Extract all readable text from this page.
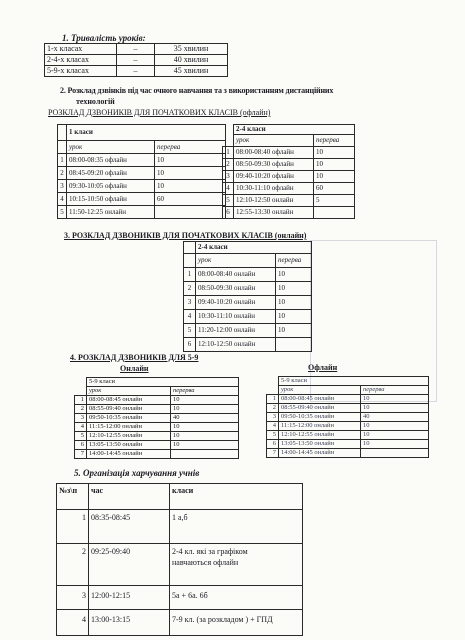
1. Тривалість уроків:
1-х класах	–	35 хвилин
2-4-х класах	–	40 хвилин
5-9-х класах	–	45 хвилин
2. Розклад дзвінків під час очного навчання та з використанням дистанційних
технологій
РОЗКЛАД ДЗВОНИКІВ ДЛЯ ПОЧАТКОВИХ КЛАСІВ (офлайн)
	1 класи	
	урок	перерва
1	08:00-08:35 офлайн	10
2	08:45-09:20 офлайн	10
3	09:30-10:05 офлайн	10
4	10:15-10:50 офлайн	60
5	11:50-12:25 онлайн	
	2-4 класи	
	урок	перерва
1	08:00-08:40 офлайн	10
2	08:50-09:30 офлайн	10
3	09:40-10:20 офлайн	10
4	10:30-11:10 офлайн	60
5	12:10-12:50 онлайн	5
6	12:55-13:30 онлайн	
3. РОЗКЛАД ДЗВОНИКІВ ДЛЯ ПОЧАТКОВИХ КЛАСІВ (онлайн)
	2-4 класи	
	урок	перерва
1	08:00-08:40 онлайн	10
2	08:50-09:30 онлайн	10
3	09:40-10:20 онлайн	10
4	10:30-11:10 онлайн	10
5	11:20-12:00 онлайн	10
6	12:10-12:50 онлайн	
4. РОЗКЛАД ДЗВОНИКІВ ДЛЯ 5-9
Онлайн	Офлайн
	5-9 класи	
	урок	перерва
1	08:00-08:45 онлайн	10
2	08:55-09:40 онлайн	10
3	09:50-10:35 онлайн	40
4	11:15-12:00 онлайн	10
5	12:10-12:55 онлайн	10
6	13:05-13:50 онлайн	10
7	14:00-14:45 онлайн	
	5-9 класи	
	урок	перерва
1	08:00-08:45 онлайн	10
2	08:55-09:40 онлайн	10
3	09:50-10:35 онлайн	40
4	11:15-12:00 онлайн	10
5	12:10-12:55 онлайн	10
6	13:05-13:50 онлайн	10
7	14:00-14:45 онлайн	
5. Організація харчування учнів
№з\п	час	класи
1	08:35-08:45	1 а,б
2	09:25-09:40	2-4 кл. які за графіком
навчаються офлайн

3	12:00-12:15	5а + 6а. 6б
4	13:00-13:15	7-9 кл. (за розкладом ) + ГПД
